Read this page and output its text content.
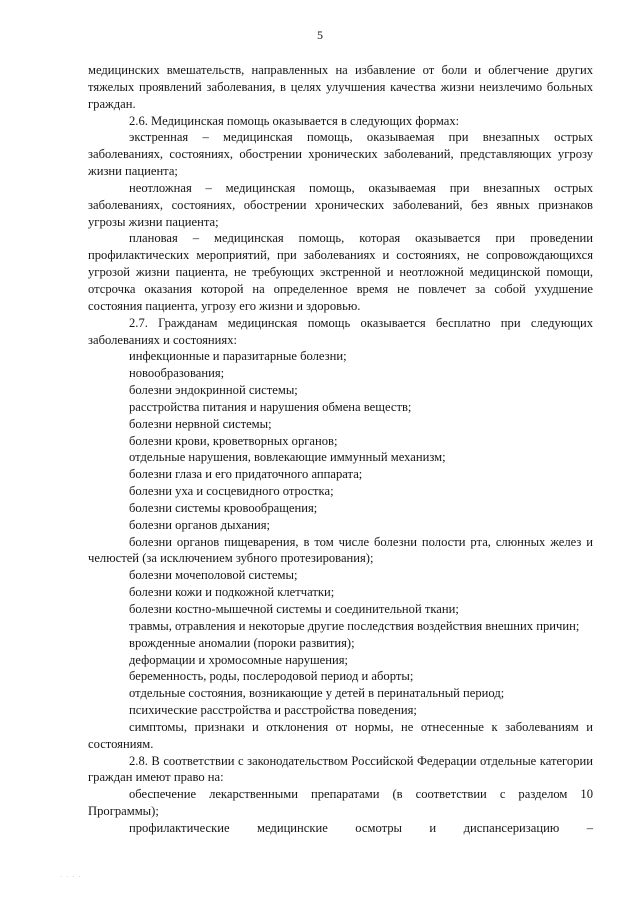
5

медицинских вмешательств, направленных на избавление от боли и облегчение других тяжелых проявлений заболевания, в целях улучшения качества жизни неизлечимо больных граждан.

2.6. Медицинская помощь оказывается в следующих формах:

экстренная – медицинская помощь, оказываемая при внезапных острых заболеваниях, состояниях, обострении хронических заболеваний, представляющих угрозу жизни пациента;

неотложная – медицинская помощь, оказываемая при внезапных острых заболеваниях, состояниях, обострении хронических заболеваний, без явных признаков угрозы жизни пациента;

плановая – медицинская помощь, которая оказывается при проведении профилактических мероприятий, при заболеваниях и состояниях, не сопровождающихся угрозой жизни пациента, не требующих экстренной и неотложной медицинской помощи, отсрочка оказания которой на определенное время не повлечет за собой ухудшение состояния пациента, угрозу его жизни и здоровью.

2.7. Гражданам медицинская помощь оказывается бесплатно при следующих заболеваниях и состояниях:

инфекционные и паразитарные болезни;

новообразования;

болезни эндокринной системы;

расстройства питания и нарушения обмена веществ;

болезни нервной системы;

болезни крови, кроветворных органов;

отдельные нарушения, вовлекающие иммунный механизм;

болезни глаза и его придаточного аппарата;

болезни уха и сосцевидного отростка;

болезни системы кровообращения;

болезни органов дыхания;

болезни органов пищеварения, в том числе болезни полости рта, слюнных желез и челюстей (за исключением зубного протезирования);

болезни мочеполовой системы;

болезни кожи и подкожной клетчатки;

болезни костно-мышечной системы и соединительной ткани;

травмы, отравления и некоторые другие последствия воздействия внешних причин;

врожденные аномалии (пороки развития);

деформации и хромосомные нарушения;

беременность, роды, послеродовой период и аборты;

отдельные состояния, возникающие у детей в перинатальный период;

психические расстройства и расстройства поведения;

симптомы, признаки и отклонения от нормы, не отнесенные к заболеваниям и состояниям.

2.8. В соответствии с законодательством Российской Федерации отдельные категории граждан имеют право на:

обеспечение лекарственными препаратами (в соответствии с разделом 10 Программы);

профилактические медицинские осмотры и диспансеризацию –

· · · ·
